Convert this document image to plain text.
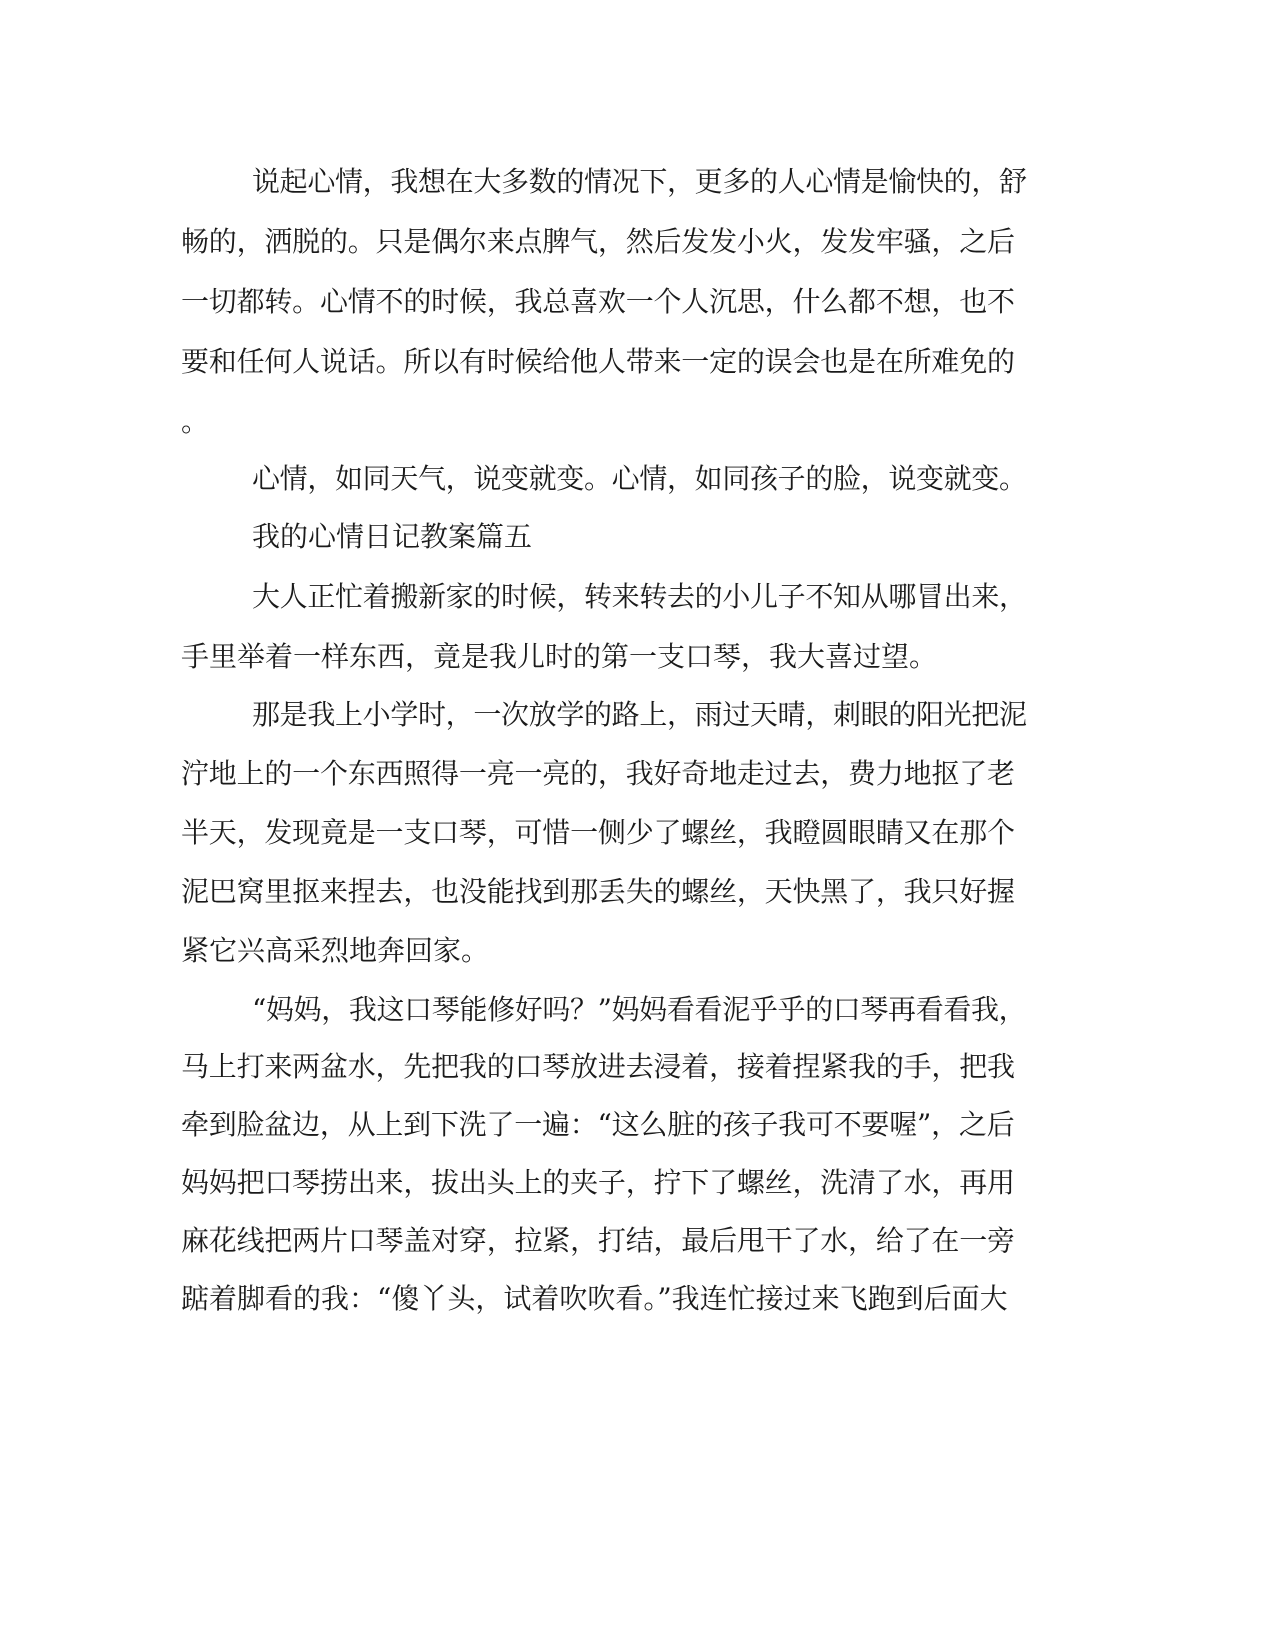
说起心情，我想在大多数的情况下，更多的人心情是愉快的，舒

畅的，洒脱的。只是偶尔来点脾气，然后发发小火，发发牢骚，之后

一切都转。心情不的时候，我总喜欢一个人沉思，什么都不想，也不

要和任何人说话。所以有时候给他人带来一定的误会也是在所难免的

。

心情，如同天气，说变就变。心情，如同孩子的脸，说变就变。

我的心情日记教案篇五

大人正忙着搬新家的时候，转来转去的小儿子不知从哪冒出来，

手里举着一样东西，竟是我儿时的第一支口琴，我大喜过望。

那是我上小学时，一次放学的路上，雨过天晴，刺眼的阳光把泥

泞地上的一个东西照得一亮一亮的，我好奇地走过去，费力地抠了老

半天，发现竟是一支口琴，可惜一侧少了螺丝，我瞪圆眼睛又在那个

泥巴窝里抠来捏去，也没能找到那丢失的螺丝，天快黑了，我只好握

紧它兴高采烈地奔回家。

“妈妈，我这口琴能修好吗？”妈妈看看泥乎乎的口琴再看看我，

马上打来两盆水，先把我的口琴放进去浸着，接着捏紧我的手，把我

牵到脸盆边，从上到下洗了一遍：“这么脏的孩子我可不要喔”，之后

妈妈把口琴捞出来，拔出头上的夹子，拧下了螺丝，洗清了水，再用

麻花线把两片口琴盖对穿，拉紧，打结，最后甩干了水，给了在一旁

踮着脚看的我：“傻丫头，试着吹吹看。”我连忙接过来飞跑到后面大
